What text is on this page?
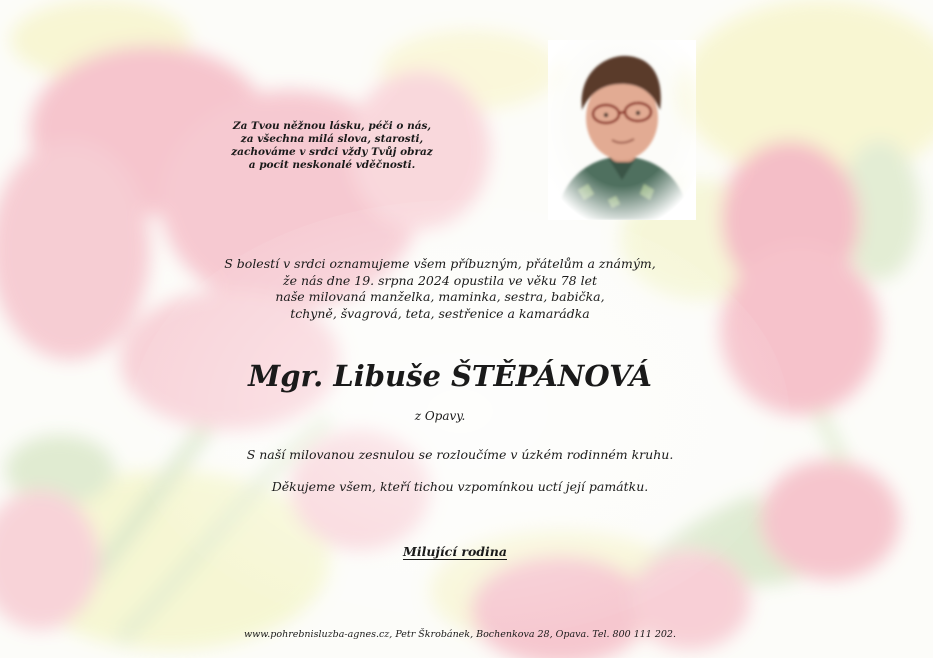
Za Tvou něžnou lásku, péči o nás,
za všechna milá slova, starosti,
zachováme v srdci vždy Tvůj obraz
a pocit neskonalé vděčnosti.
S bolestí v srdci oznamujeme všem příbuzným, přátelům a známým,
že nás dne 19. srpna 2024 opustila ve věku 78 let
naše milovaná manželka, maminka, sestra, babička,
tchyně, švagrová, teta, sestřenice a kamarádka
Mgr. Libuše ŠTĚPÁNOVÁ
z Opavy.
S naší milovanou zesnulou se rozloučíme v úzkém rodinném kruhu.
Děkujeme všem, kteří tichou vzpomínkou uctí její památku.
Milující rodina
www.pohrebnisluzba-agnes.cz, Petr Škrobánek, Bochenkova 28, Opava. Tel. 800 111 202.
